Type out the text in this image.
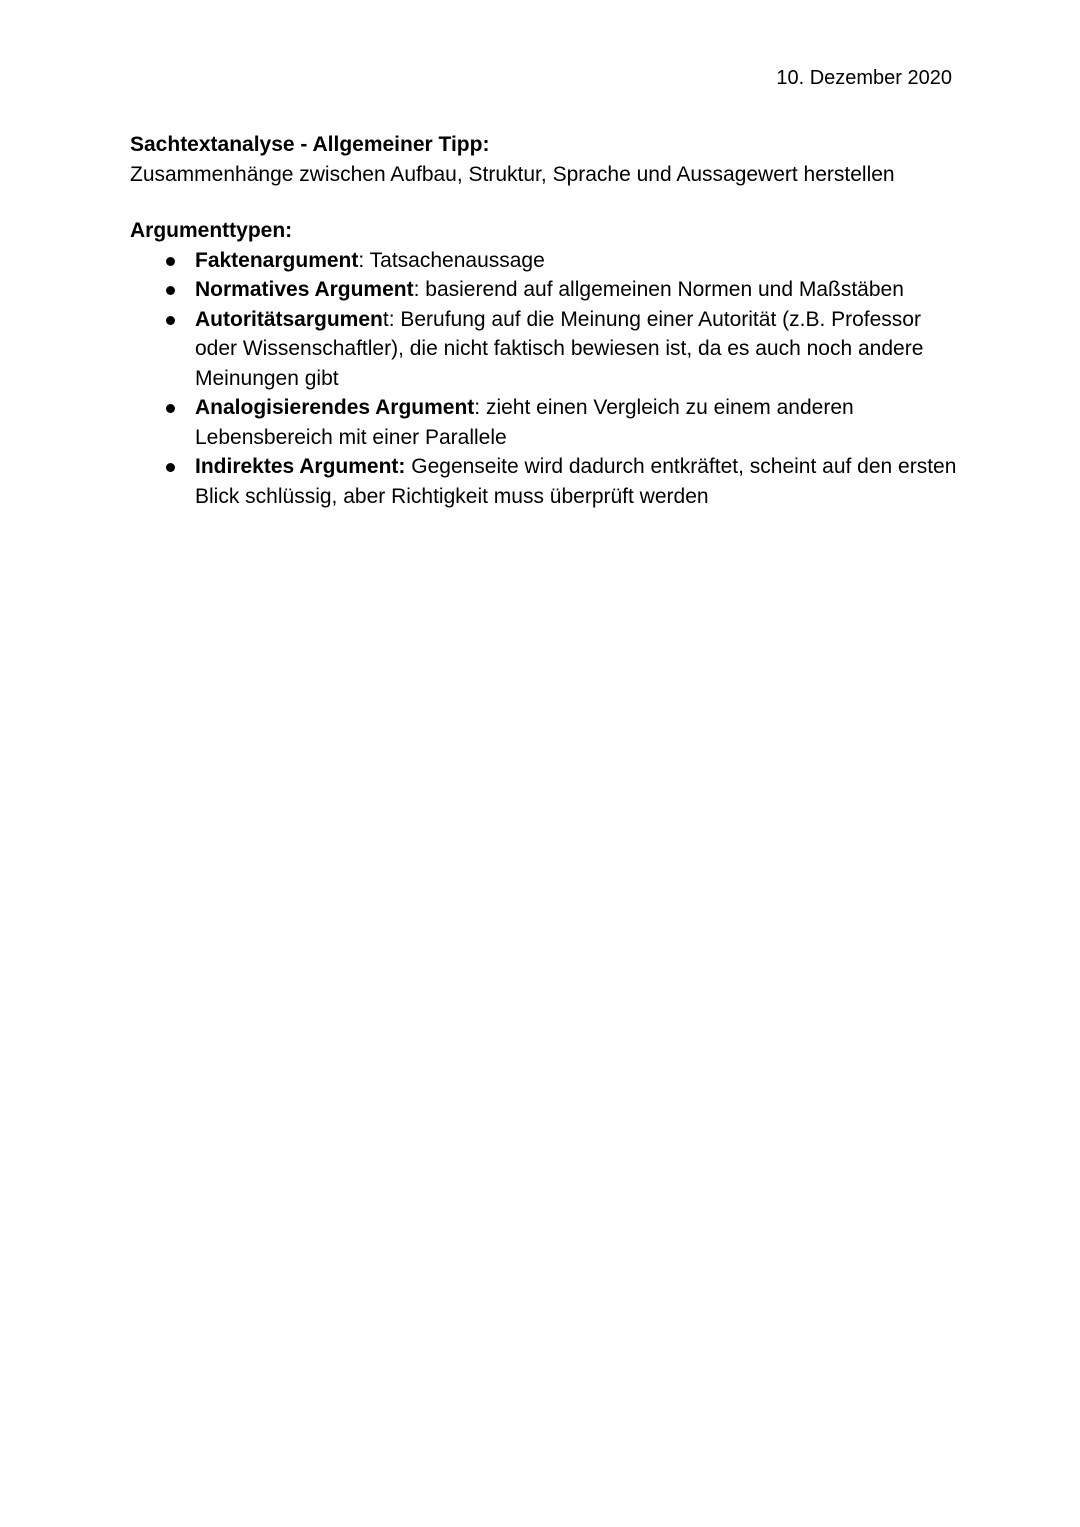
10. Dezember 2020
Sachtextanalyse - Allgemeiner Tipp:
Zusammenhänge zwischen Aufbau, Struktur, Sprache und Aussagewert herstellen
Argumenttypen:
Faktenargument: Tatsachenaussage
Normatives Argument: basierend auf allgemeinen Normen und Maßstäben
Autoritätsargument: Berufung auf die Meinung einer Autorität (z.B. Professor oder Wissenschaftler), die nicht faktisch bewiesen ist, da es auch noch andere Meinungen gibt
Analogisierendes Argument: zieht einen Vergleich zu einem anderen Lebensbereich mit einer Parallele
Indirektes Argument: Gegenseite wird dadurch entkräftet, scheint auf den ersten Blick schlüssig, aber Richtigkeit muss überprüft werden
